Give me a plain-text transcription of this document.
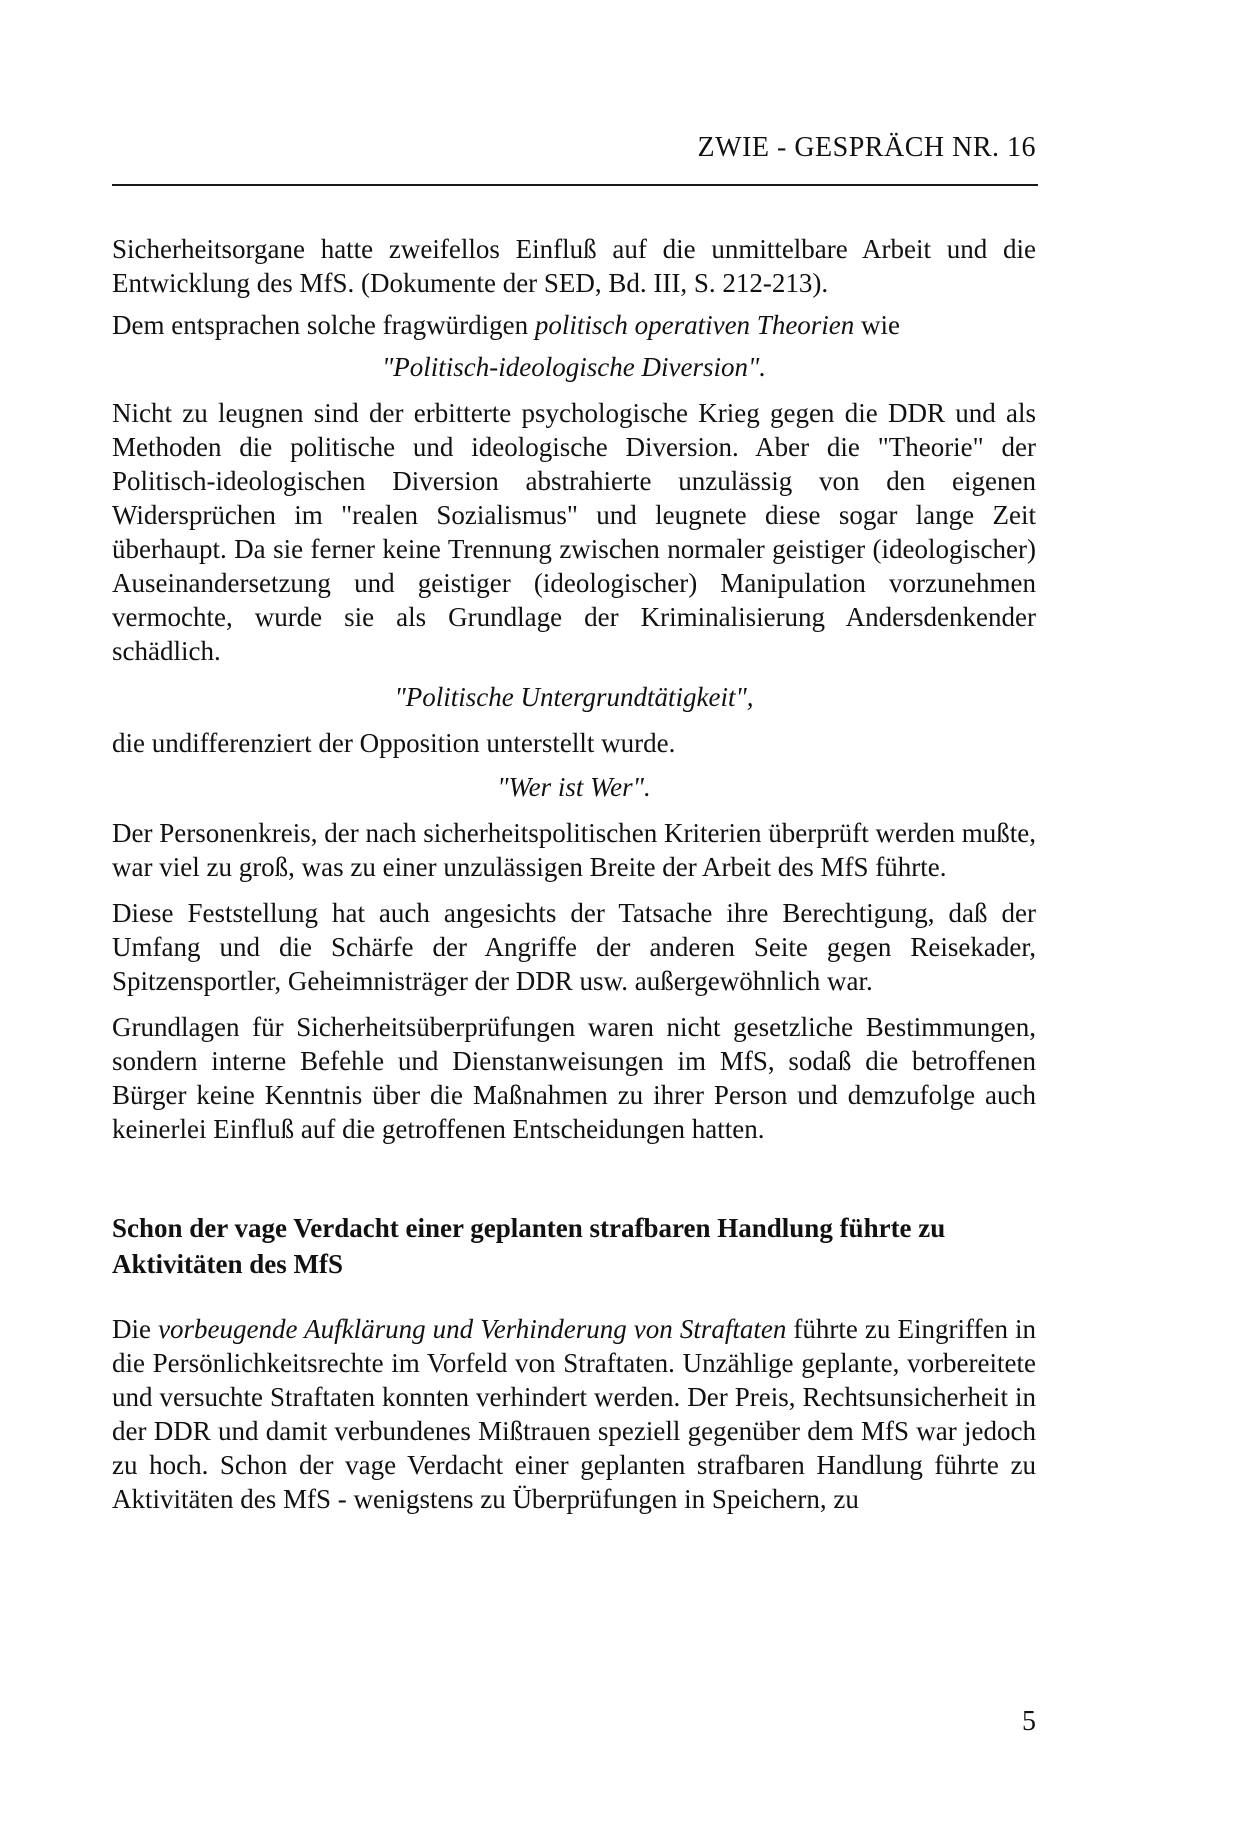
ZWIE - GESPRÄCH NR. 16

Sicherheitsorgane hatte zweifellos Einfluß auf die unmittelbare Arbeit und die Entwicklung des MfS. (Dokumente der SED, Bd. III, S. 212-213).

Dem entsprachen solche fragwürdigen politisch operativen Theorien wie

"Politisch-ideologische Diversion".

Nicht zu leugnen sind der erbitterte psychologische Krieg gegen die DDR und als Methoden die politische und ideologische Diversion. Aber die "Theorie" der Politisch-ideologischen Diversion abstrahierte unzulässig von den eigenen Widersprüchen im "realen Sozialismus" und leugnete diese sogar lange Zeit überhaupt. Da sie ferner keine Trennung zwischen normaler geistiger (ideologischer) Auseinandersetzung und geistiger (ideologischer) Manipulation vorzunehmen vermochte, wurde sie als Grundlage der Kriminalisierung Andersdenkender schädlich.

"Politische Untergrundtätigkeit",
die undifferenziert der Opposition unterstellt wurde.
"Wer ist Wer".

Der Personenkreis, der nach sicherheitspolitischen Kriterien überprüft werden mußte, war viel zu groß, was zu einer unzulässigen Breite der Arbeit des MfS führte.

Diese Feststellung hat auch angesichts der Tatsache ihre Berechtigung, daß der Umfang und die Schärfe der Angriffe der anderen Seite gegen Reisekader, Spitzensportler, Geheimnisträger der DDR usw. außergewöhnlich war.

Grundlagen für Sicherheitsüberprüfungen waren nicht gesetzliche Bestimmungen, sondern interne Befehle und Dienstanweisungen im MfS, sodaß die betroffenen Bürger keine Kenntnis über die Maßnahmen zu ihrer Person und demzufolge auch keinerlei Einfluß auf die getroffenen Entscheidungen hatten.

Schon der vage Verdacht einer geplanten strafbaren Handlung führte zu Aktivitäten des MfS

Die vorbeugende Aufklärung und Verhinderung von Straftaten führte zu Eingriffen in die Persönlichkeitsrechte im Vorfeld von Straftaten. Unzählige geplante, vorbereitete und versuchte Straftaten konnten verhindert werden. Der Preis, Rechtsunsicherheit in der DDR und damit verbundenes Mißtrauen speziell gegenüber dem MfS war jedoch zu hoch. Schon der vage Verdacht einer geplanten strafbaren Handlung führte zu Aktivitäten des MfS - wenigstens zu Überprüfungen in Speichern, zu

5
